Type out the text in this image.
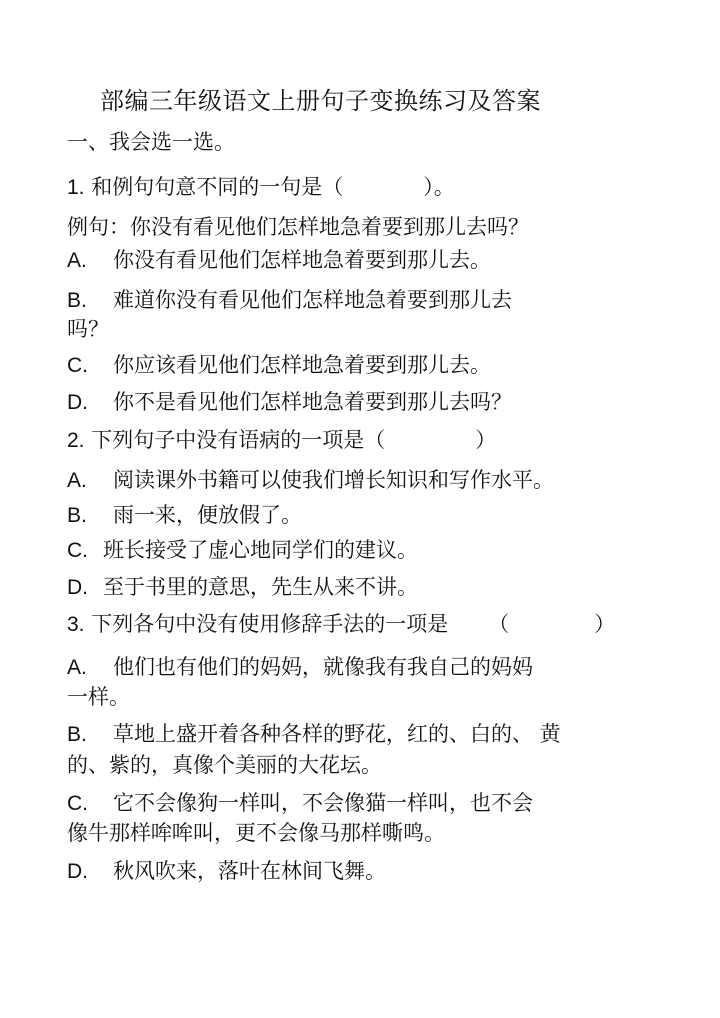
部编三年级语文上册句子变换练习及答案
一、我会选一选。
1. 和例句句意不同的一句是（	）。
例句：你没有看见他们怎样地急着要到那儿去吗？
A. 你没有看见他们怎样地急着要到那儿去。
B. 难道你没有看见他们怎样地急着要到那儿去
吗？
C. 你应该看见他们怎样地急着要到那儿去。
D. 你不是看见他们怎样地急着要到那儿去吗？
2. 下列句子中没有语病的一项是（	）
A. 阅读课外书籍可以使我们增长知识和写作水平。
B. 雨一来，便放假了。
C. 班长接受了虚心地同学们的建议。
D. 至于书里的意思，先生从来不讲。
3. 下列各句中没有使用修辞手法的一项是 （	）
A. 他们也有他们的妈妈，就像我有我自己的妈妈
一样。
B. 草地上盛开着各种各样的野花，红的、白的、 黄
的、紫的，真像个美丽的大花坛。
C. 它不会像狗一样叫，不会像猫一样叫，也不会
像牛那样哞哞叫，更不会像马那样嘶鸣。
D. 秋风吹来，落叶在林间飞舞。
